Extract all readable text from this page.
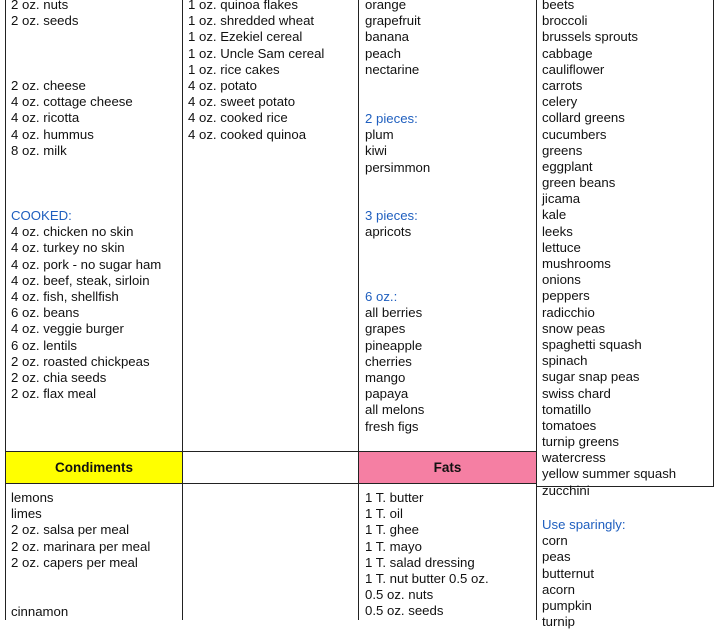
Condiments	Fats
2 oz. nuts
2 oz. seeds
2 oz. cheese
4 oz. cottage cheese
4 oz. ricotta
4 oz. hummus
8 oz. milk
COOKED:
4 oz. chicken no skin
4 oz. turkey no skin
4 oz. pork - no sugar ham
4 oz. beef, steak, sirloin
4 oz. fish, shellfish
6 oz. beans
4 oz. veggie burger
6 oz. lentils
2 oz. roasted chickpeas
2 oz. chia seeds
2 oz. flax meal
1 oz. quinoa flakes
1 oz. shredded wheat
1 oz. Ezekiel cereal
1 oz. Uncle Sam cereal
1 oz. rice cakes
4 oz. potato
4 oz. sweet potato
4 oz. cooked rice
4 oz. cooked quinoa
orange
grapefruit
banana
peach
nectarine
2 pieces:
plum
kiwi
persimmon
3 pieces:
apricots
6 oz.:
all berries
grapes
pineapple
cherries
mango
papaya
all melons
fresh figs
beets
broccoli
brussels sprouts
cabbage
cauliflower
carrots
celery
collard greens
cucumbers
greens
eggplant
green beans
jicama
kale
leeks
lettuce
mushrooms
onions
peppers
radicchio
snow peas
spaghetti squash
spinach
sugar snap peas
swiss chard
tomatillo
tomatoes
turnip greens
watercress
yellow summer squash
zucchini
Use sparingly:
corn
peas
butternut
acorn
pumpkin
turnip
lemons
limes
2 oz. salsa per meal
2 oz. marinara per meal
2 oz. capers per meal
cinnamon
1 T. butter
1 T. oil
1 T. ghee
1 T. mayo
1 T. salad dressing
1 T. nut butter 0.5 oz.
0.5 oz. nuts
0.5 oz. seeds
